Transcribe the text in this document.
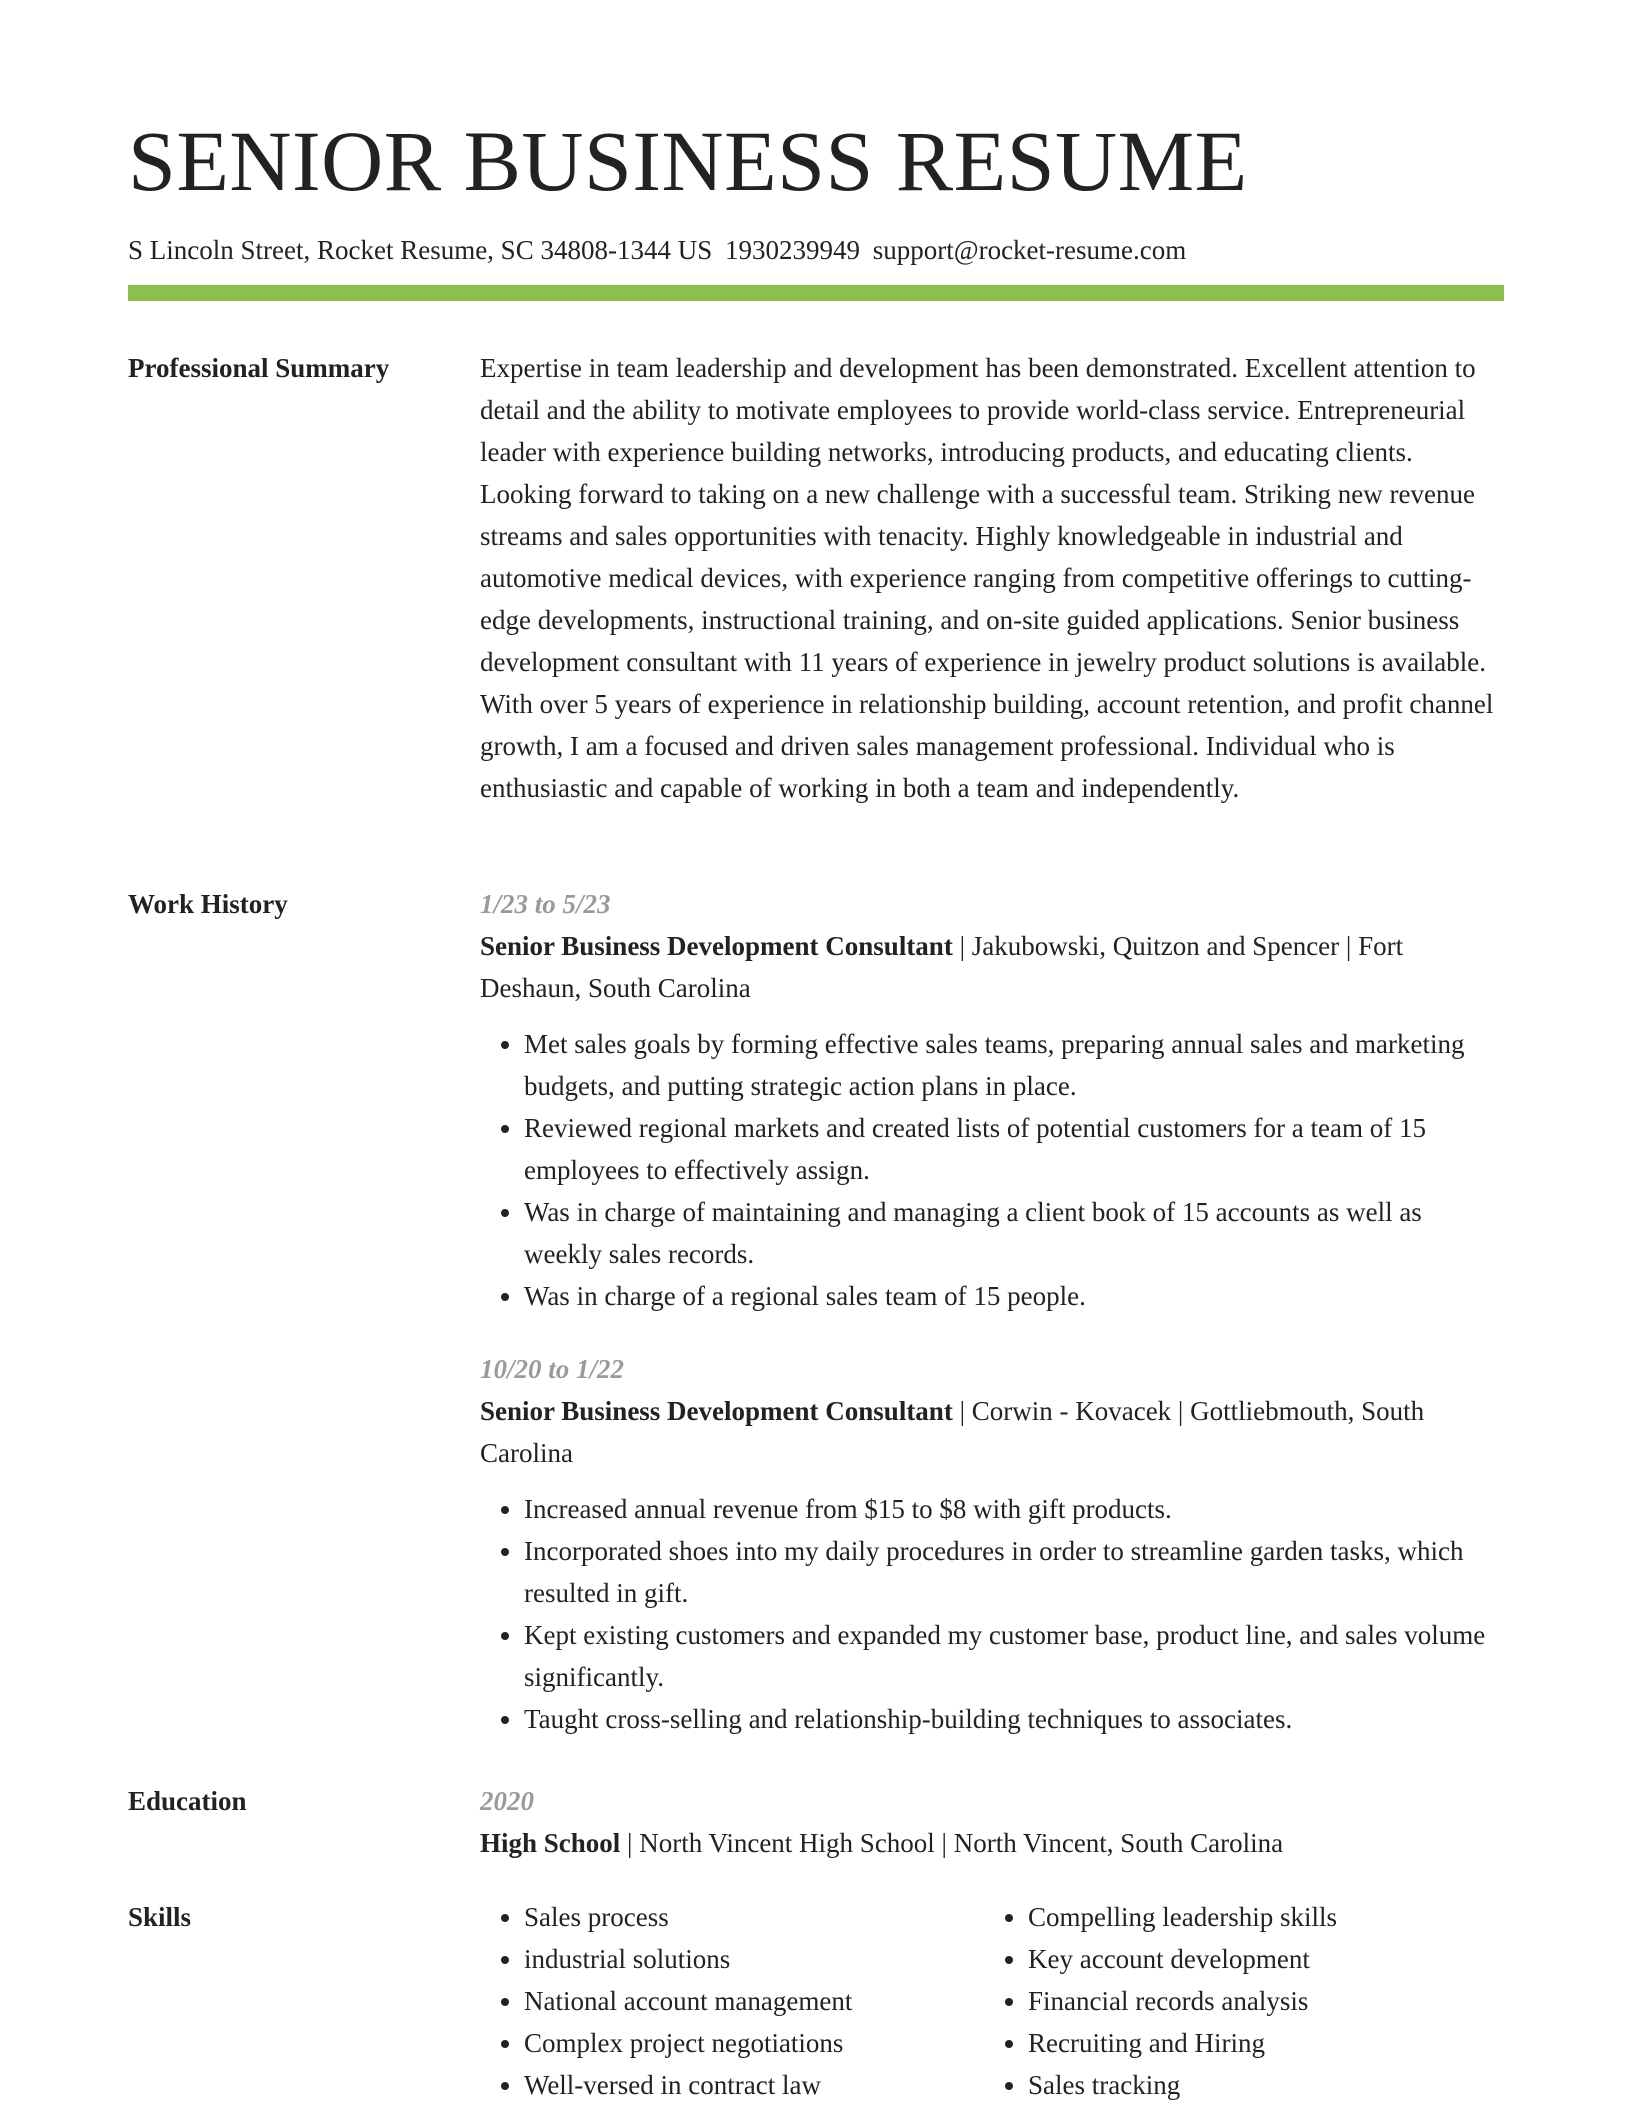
SENIOR BUSINESS RESUME
S Lincoln Street, Rocket Resume, SC 34808-1344 US 1930239949 support@rocket-resume.com
Professional Summary	Expertise in team leadership and development has been demonstrated. Excellent attention to detail and the ability to motivate employees to provide world-class service. Entrepreneurial leader with experience building networks, introducing products, and educating clients. Looking forward to taking on a new challenge with a successful team. Striking new revenue streams and sales opportunities with tenacity. Highly knowledgeable in industrial and automotive medical devices, with experience ranging from competitive offerings to cutting-edge developments, instructional training, and on-site guided applications. Senior business development consultant with 11 years of experience in jewelry product solutions is available. With over 5 years of experience in relationship building, account retention, and profit channel growth, I am a focused and driven sales management professional. Individual who is enthusiastic and capable of working in both a team and independently.

Work History	1/23 to 5/23
Senior Business Development Consultant | Jakubowski, Quitzon and Spencer | Fort Deshaun, South Carolina
• Met sales goals by forming effective sales teams, preparing annual sales and marketing budgets, and putting strategic action plans in place.
• Reviewed regional markets and created lists of potential customers for a team of 15 employees to effectively assign.
• Was in charge of maintaining and managing a client book of 15 accounts as well as weekly sales records.
• Was in charge of a regional sales team of 15 people.
10/20 to 1/22
Senior Business Development Consultant | Corwin - Kovacek | Gottliebmouth, South Carolina
• Increased annual revenue from $15 to $8 with gift products.
• Incorporated shoes into my daily procedures in order to streamline garden tasks, which resulted in gift.
• Kept existing customers and expanded my customer base, product line, and sales volume significantly.
• Taught cross-selling and relationship-building techniques to associates.
Education	2020
High School | North Vincent High School | North Vincent, South Carolina
Skills
•	Sales process
• industrial solutions
• National account management
• Complex project negotiations
• Well-versed in contract law
• Compelling leadership skills
• Key account development
• Financial records analysis
• Recruiting and Hiring
• Sales tracking
